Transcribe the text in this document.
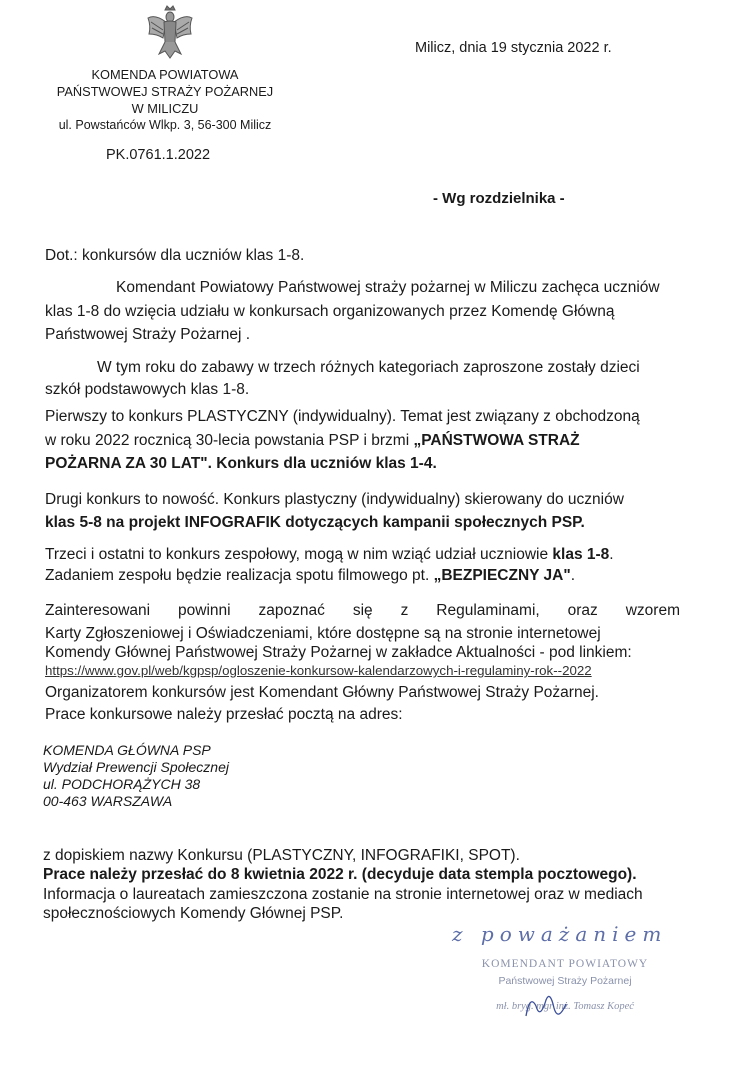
KOMENDA POWIATOWA
PAŃSTWOWEJ STRAŻY POŻARNEJ
W MILICZU
ul. Powstańców Wlkp. 3, 56-300 Milicz
PK.0761.1.2022
Milicz, dnia 19 stycznia 2022 r.
- Wg rozdzielnika -
Dot.: konkursów dla uczniów klas 1-8.
Komendant Powiatowy Państwowej straży pożarnej w Miliczu zachęca uczniów
klas 1-8 do wzięcia udziału w konkursach organizowanych przez Komendę Główną
Państwowej Straży Pożarnej .
W tym roku do zabawy w trzech różnych kategoriach zaproszone zostały dzieci
szkół podstawowych klas 1-8.
Pierwszy to konkurs PLASTYCZNY (indywidualny). Temat jest związany z obchodzoną
w roku 2022 rocznicą 30-lecia powstania PSP i brzmi „PAŃSTWOWA STRAŻ
POŻARNA ZA 30 LAT". Konkurs dla uczniów klas 1-4.
Drugi konkurs to nowość. Konkurs plastyczny (indywidualny) skierowany do uczniów
klas 5-8 na projekt INFOGRAFIK dotyczących kampanii społecznych PSP.
Trzeci i ostatni to konkurs zespołowy, mogą w nim wziąć udział uczniowie klas 1-8.
Zadaniem zespołu będzie realizacja spotu filmowego pt. „BEZPIECZNY JA".
Zainteresowani powinni zapoznać się z Regulaminami, oraz wzorem
Karty Zgłoszeniowej i Oświadczeniami, które dostępne są na stronie internetowej
Komendy Głównej Państwowej Straży Pożarnej w zakładce Aktualności - pod linkiem:
https://www.gov.pl/web/kgpsp/ogloszenie-konkursow-kalendarzowych-i-regulaminy-rok--2022
Organizatorem konkursów jest Komendant Główny Państwowej Straży Pożarnej.
Prace konkursowe należy przesłać pocztą na adres:
KOMENDA GŁÓWNA PSP
Wydział Prewencji Społecznej
ul. PODCHORĄŻYCH 38
00-463 WARSZAWA
z dopiskiem nazwy Konkursu (PLASTYCZNY, INFOGRAFIKI, SPOT).
Prace należy przesłać do 8 kwietnia 2022 r. (decyduje data stempla pocztowego).
Informacja o laureatach zamieszczona zostanie na stronie internetowej oraz w mediach
społecznościowych Komendy Głównej PSP.
z poważaniem
KOMENDANT POWIATOWY
Państwowej Straży Pożarnej
mł. bryg. mgr inż. Tomasz Kopeć
